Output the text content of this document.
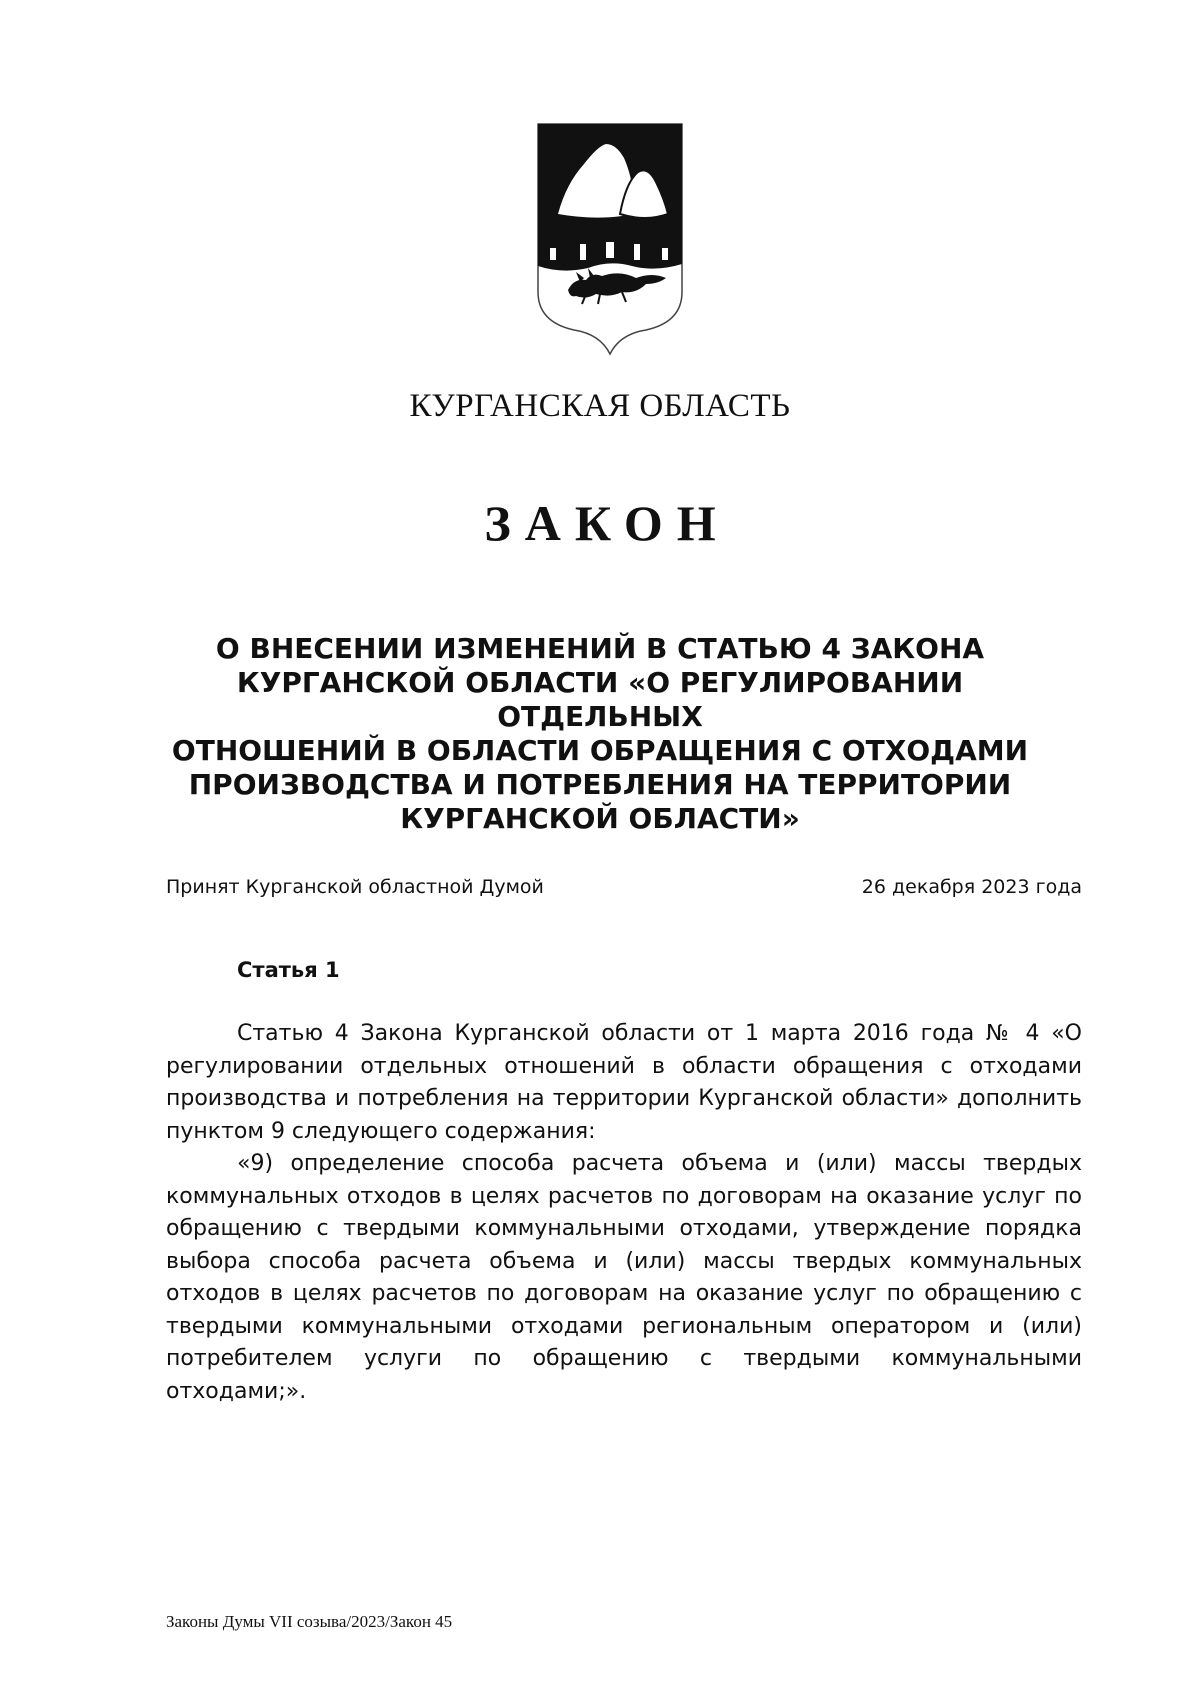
КУРГАНСКАЯ ОБЛАСТЬ
ЗАКОН
О ВНЕСЕНИИ ИЗМЕНЕНИЙ В СТАТЬЮ 4 ЗАКОНА
КУРГАНСКОЙ ОБЛАСТИ «О РЕГУЛИРОВАНИИ ОТДЕЛЬНЫХ
ОТНОШЕНИЙ В ОБЛАСТИ ОБРАЩЕНИЯ С ОТХОДАМИ
ПРОИЗВОДСТВА И ПОТРЕБЛЕНИЯ НА ТЕРРИТОРИИ
КУРГАНСКОЙ ОБЛАСТИ»
Принят Курганской областной Думой	26 декабря 2023 года
Статья 1

Статью 4 Закона Курганской области от 1 марта 2016 года № 4 «О регулировании отдельных отношений в области обращения с отходами производства и потребления на территории Курганской области» дополнить пунктом 9 следующего содержания:

«9) определение способа расчета объема и (или) массы твердых коммунальных отходов в целях расчетов по договорам на оказание услуг по обращению с твердыми коммунальными отходами, утверждение порядка выбора способа расчета объема и (или) массы твердых коммунальных отходов в целях расчетов по договорам на оказание услуг по обращению с твердыми коммунальными отходами региональным оператором и (или) потребителем услуги по обращению с твердыми коммунальными отходами;».

Законы Думы VII созыва/2023/Закон 45
